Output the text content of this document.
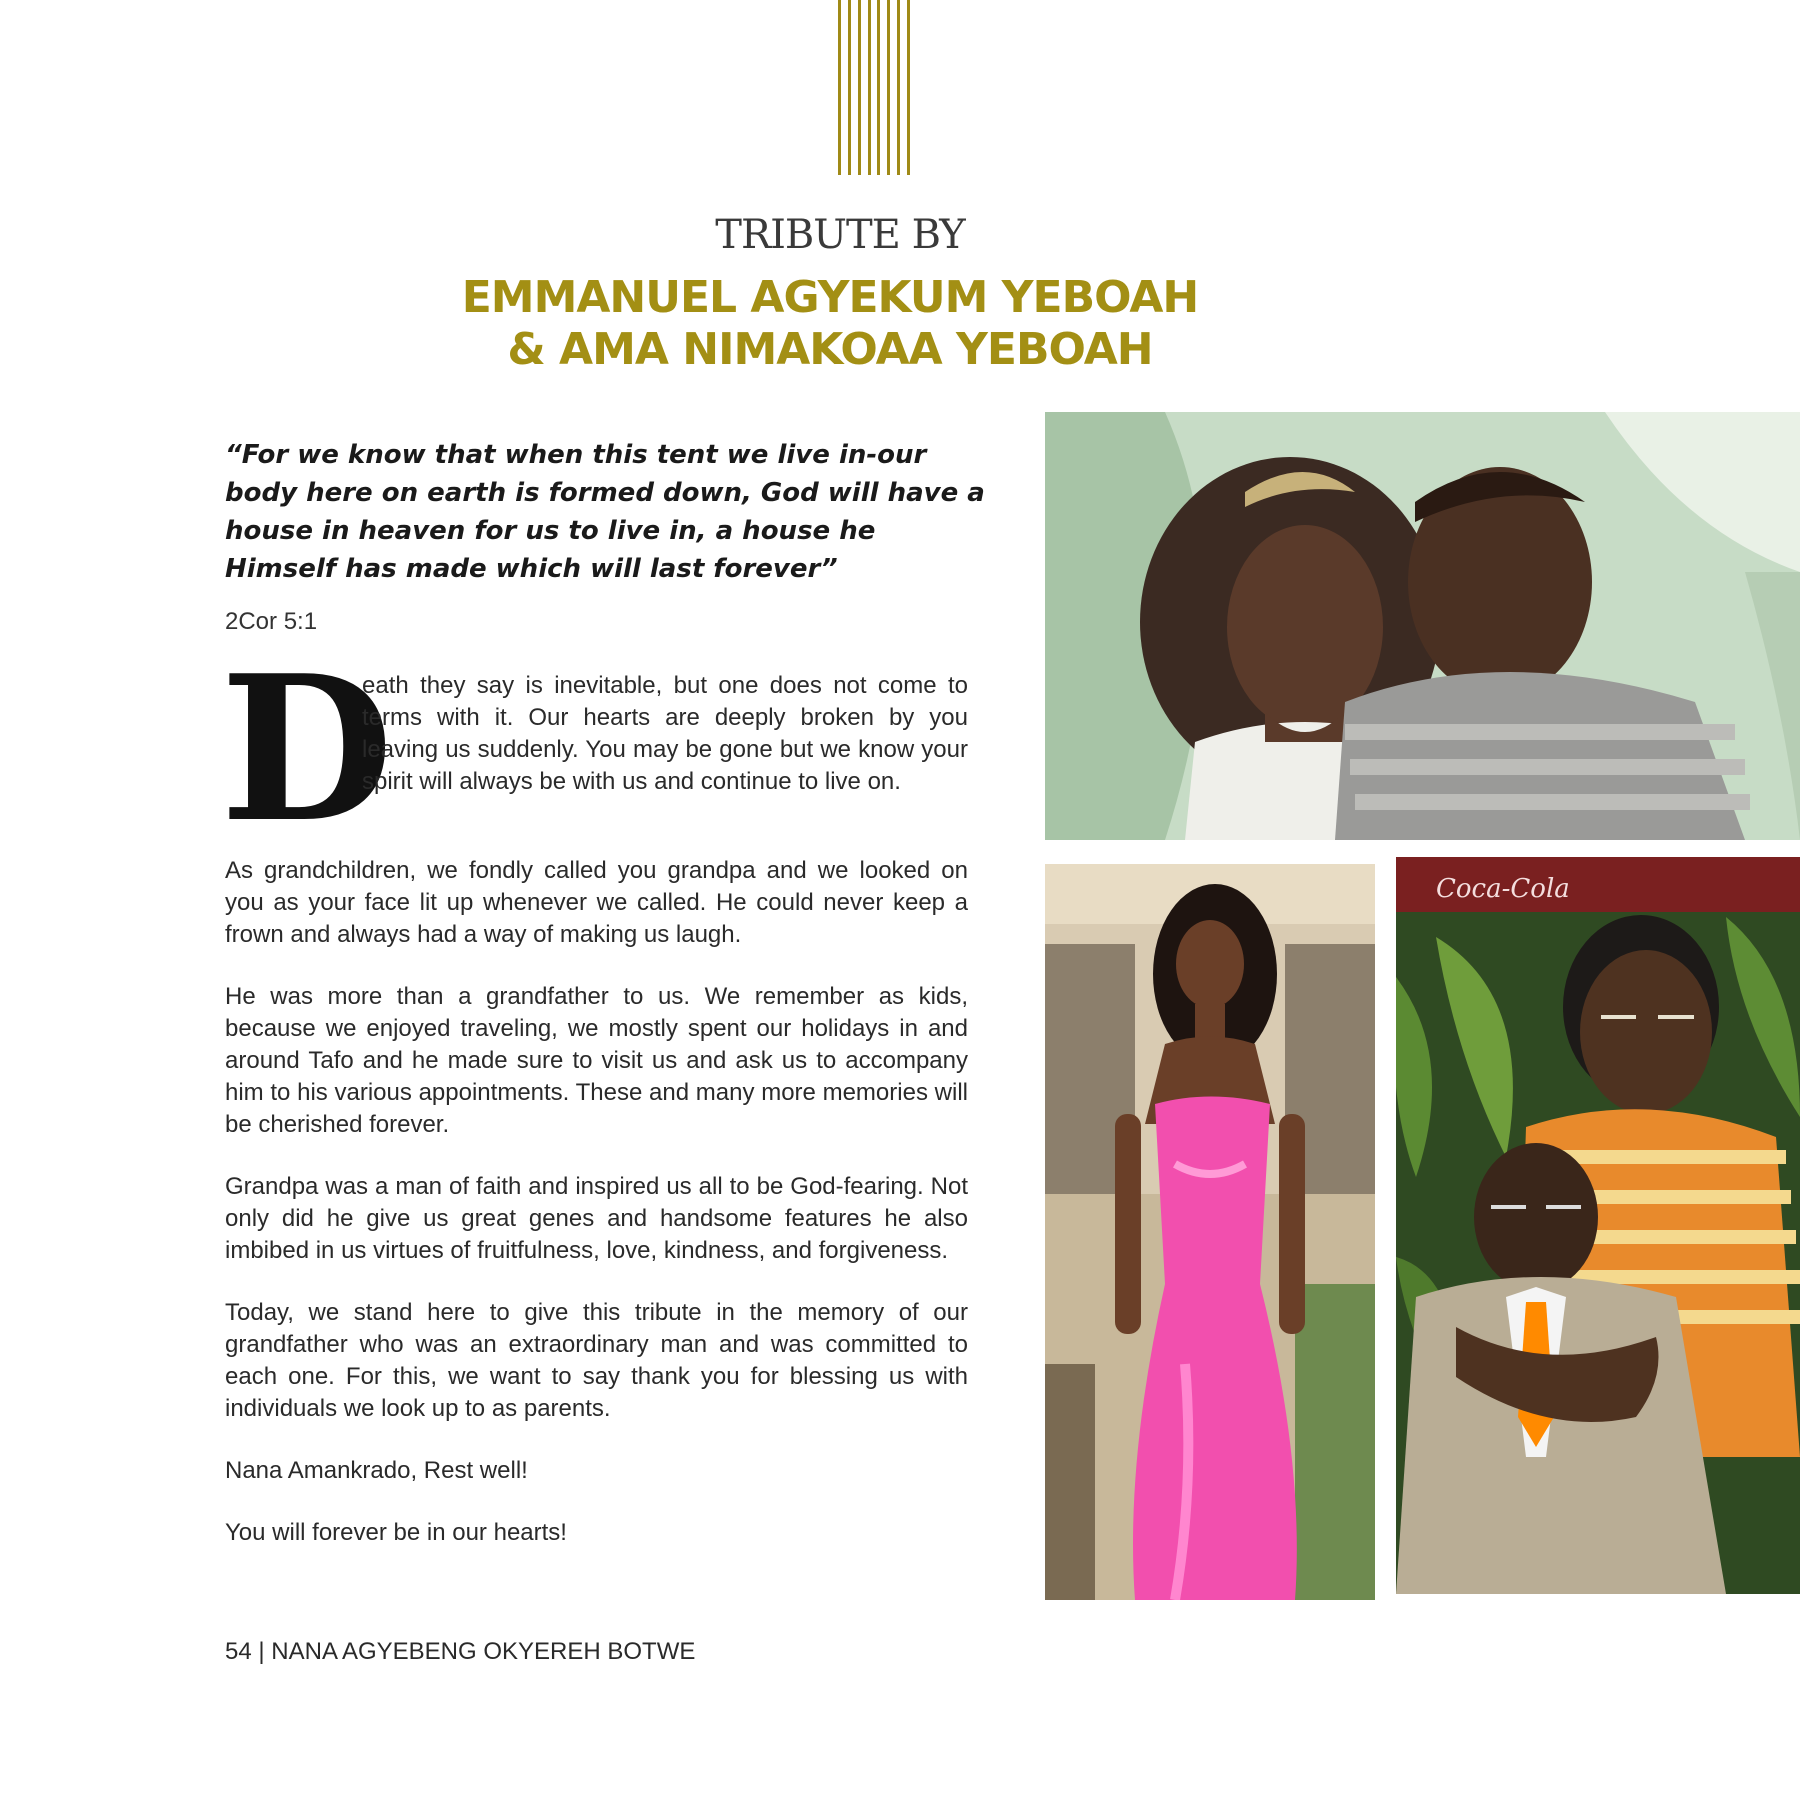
TRIBUTE BY
EMMANUEL AGYEKUM YEBOAH
& AMA NIMAKOAA YEBOAH

“For we know that when this tent we live in-our body here on earth is formed down, God will have a house in heaven for us to live in, a house he Himself has made which will last forever”

2Cor 5:1
D

eath they say is inevitable, but one does not come to terms with it. Our hearts are deeply broken by you leaving us suddenly. You may be gone but we know your spirit will always be with us and continue to live on.

As grandchildren, we fondly called you grandpa and we looked on you as your face lit up whenever we called. He could never keep a frown and always had a way of making us laugh.

He was more than a grandfather to us. We remember as kids, because we enjoyed traveling, we mostly spent our holidays in and around Tafo and he made sure to visit us and ask us to accompany him to his various appointments. These and many more memories will be cherished forever.

Grandpa was a man of faith and inspired us all to be God-fearing. Not only did he give us great genes and handsome features he also imbibed in us virtues of fruitfulness, love, kindness, and forgiveness.

Today, we stand here to give this tribute in the memory of our grandfather who was an extraordinary man and was committed to each one. For this, we want to say thank you for blessing us with individuals we look up to as parents.

Nana Amankrado, Rest well!

You will forever be in our hearts!

54 | NANA AGYEBENG OKYEREH BOTWE
Coca-Cola
